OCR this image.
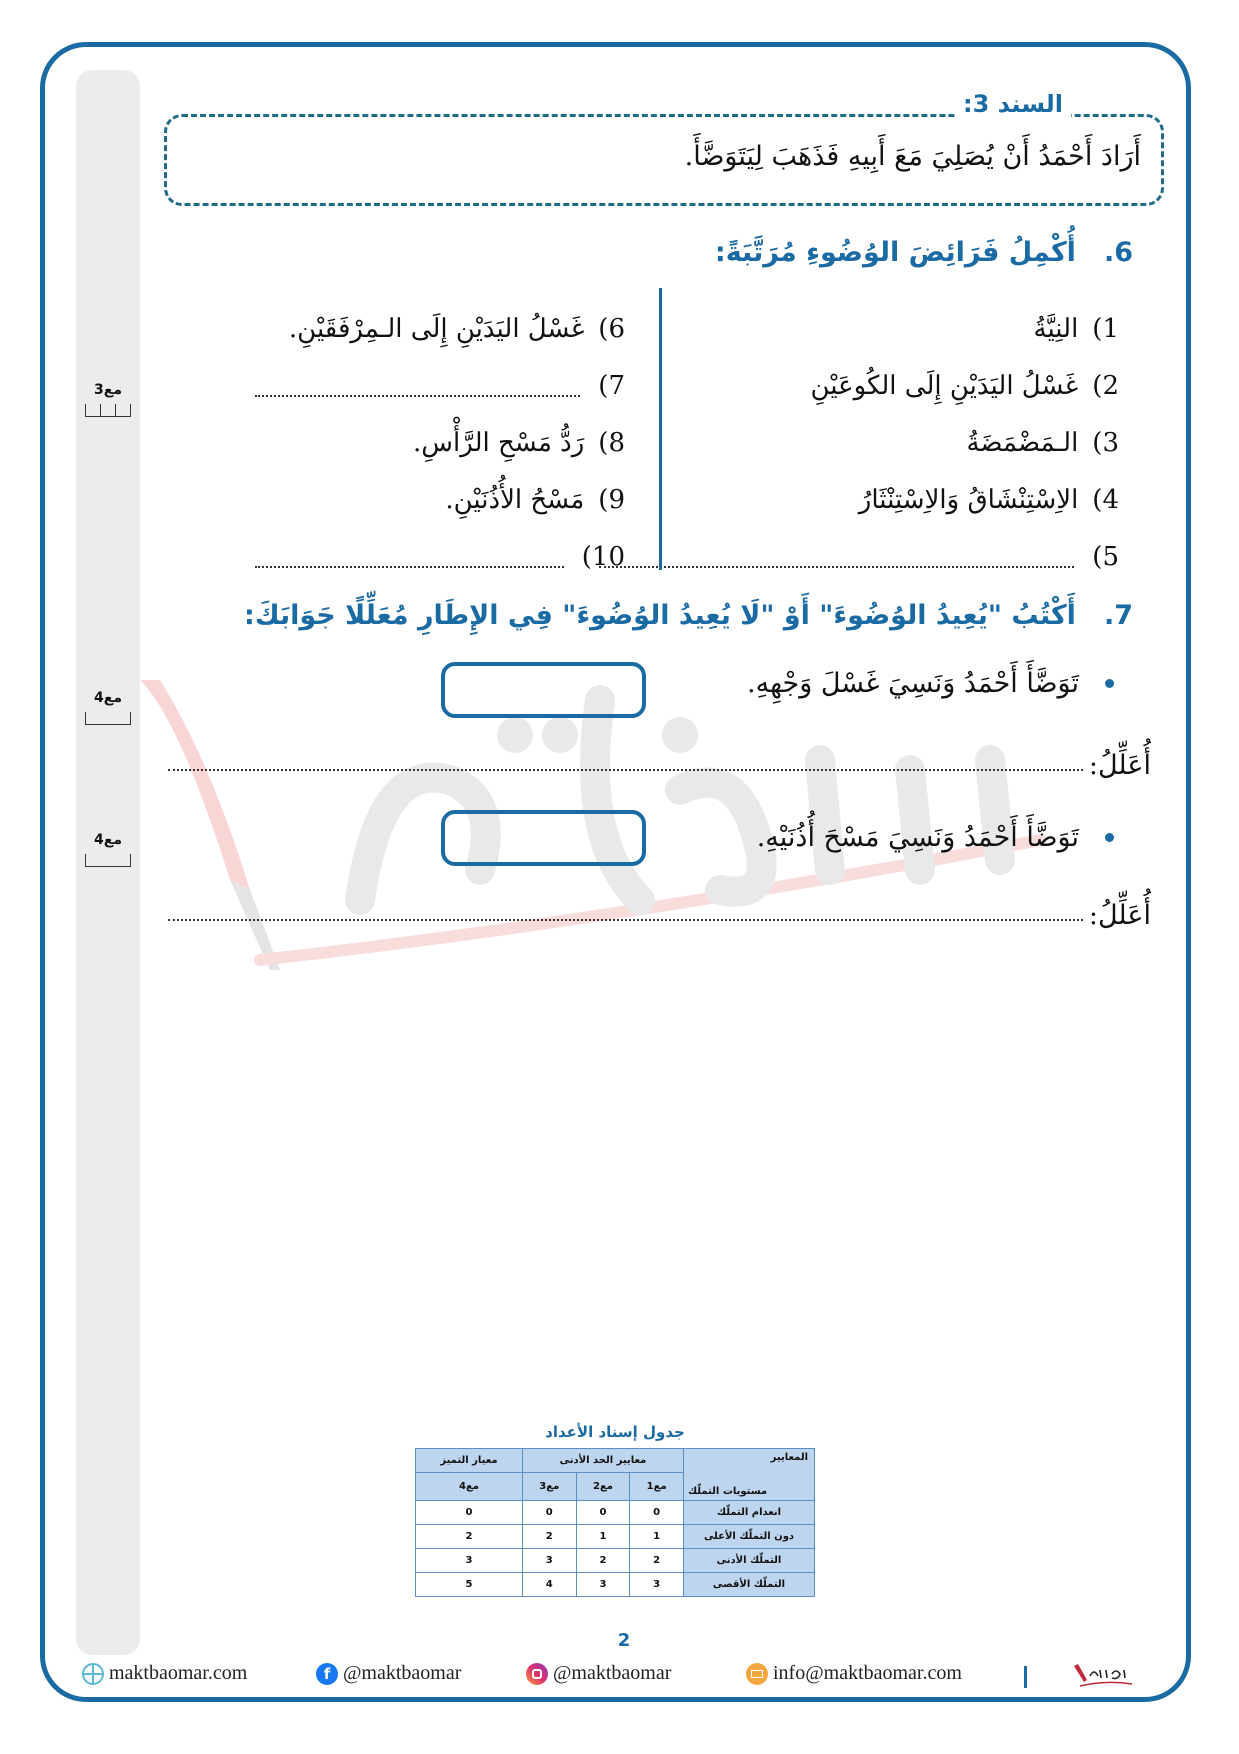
مع3
مع4
مع4
أَرَادَ أَحْمَدُ أَنْ يُصَلِيَ مَعَ أَبِيهِ فَذَهَبَ لِيَتَوَضَّأَ.
السند 3:
6.أُكْمِلُ فَرَائِضَ الوُضُوءِ مُرَتَّبَةً:
1)
النِيَّةُ
2)
غَسْلُ اليَدَيْنِ إِلَى الكُوعَيْنِ
3)
الـمَضْمَضَةُ
4)
الاِسْتِنْشَاقُ وَالاِسْتِنْثَارُ
5)
6)
غَسْلُ اليَدَيْنِ إِلَى الـمِرْفَقَيْنِ.
7)
8)
رَدُّ مَسْحِ الرَّأْسِ.
9)
مَسْحُ الأُذُنَيْنِ.
10)
7.أَكْتُبُ "يُعِيدُ الوُضُوءَ" أَوْ "لَا يُعِيدُ الوُضُوءَ" فِي الإِطَارِ مُعَلِّلًا جَوَابَكَ:
تَوَضَّأَ أَحْمَدُ وَنَسِيَ غَسْلَ وَجْهِهِ.
أُعَلِّلُ:
تَوَضَّأَ أَحْمَدُ وَنَسِيَ مَسْحَ أُذُنَيْهِ.
أُعَلِّلُ:
جدول إسناد الأعداد
المعايير
مستويات التملّك	معايير الحد الأدنى			معيار التميز
	مع1	مع2	مع3	مع4
انعدام التملّك	0	0	0	0
دون التملّك الأعلى	1	1	2	2
التملّك الأدنى	2	2	3	3
التملّك الأقصى	3	3	4	5
2
maktbaomar.com	f @maktbaomar	@maktbaomar	info@maktbaomar.com
